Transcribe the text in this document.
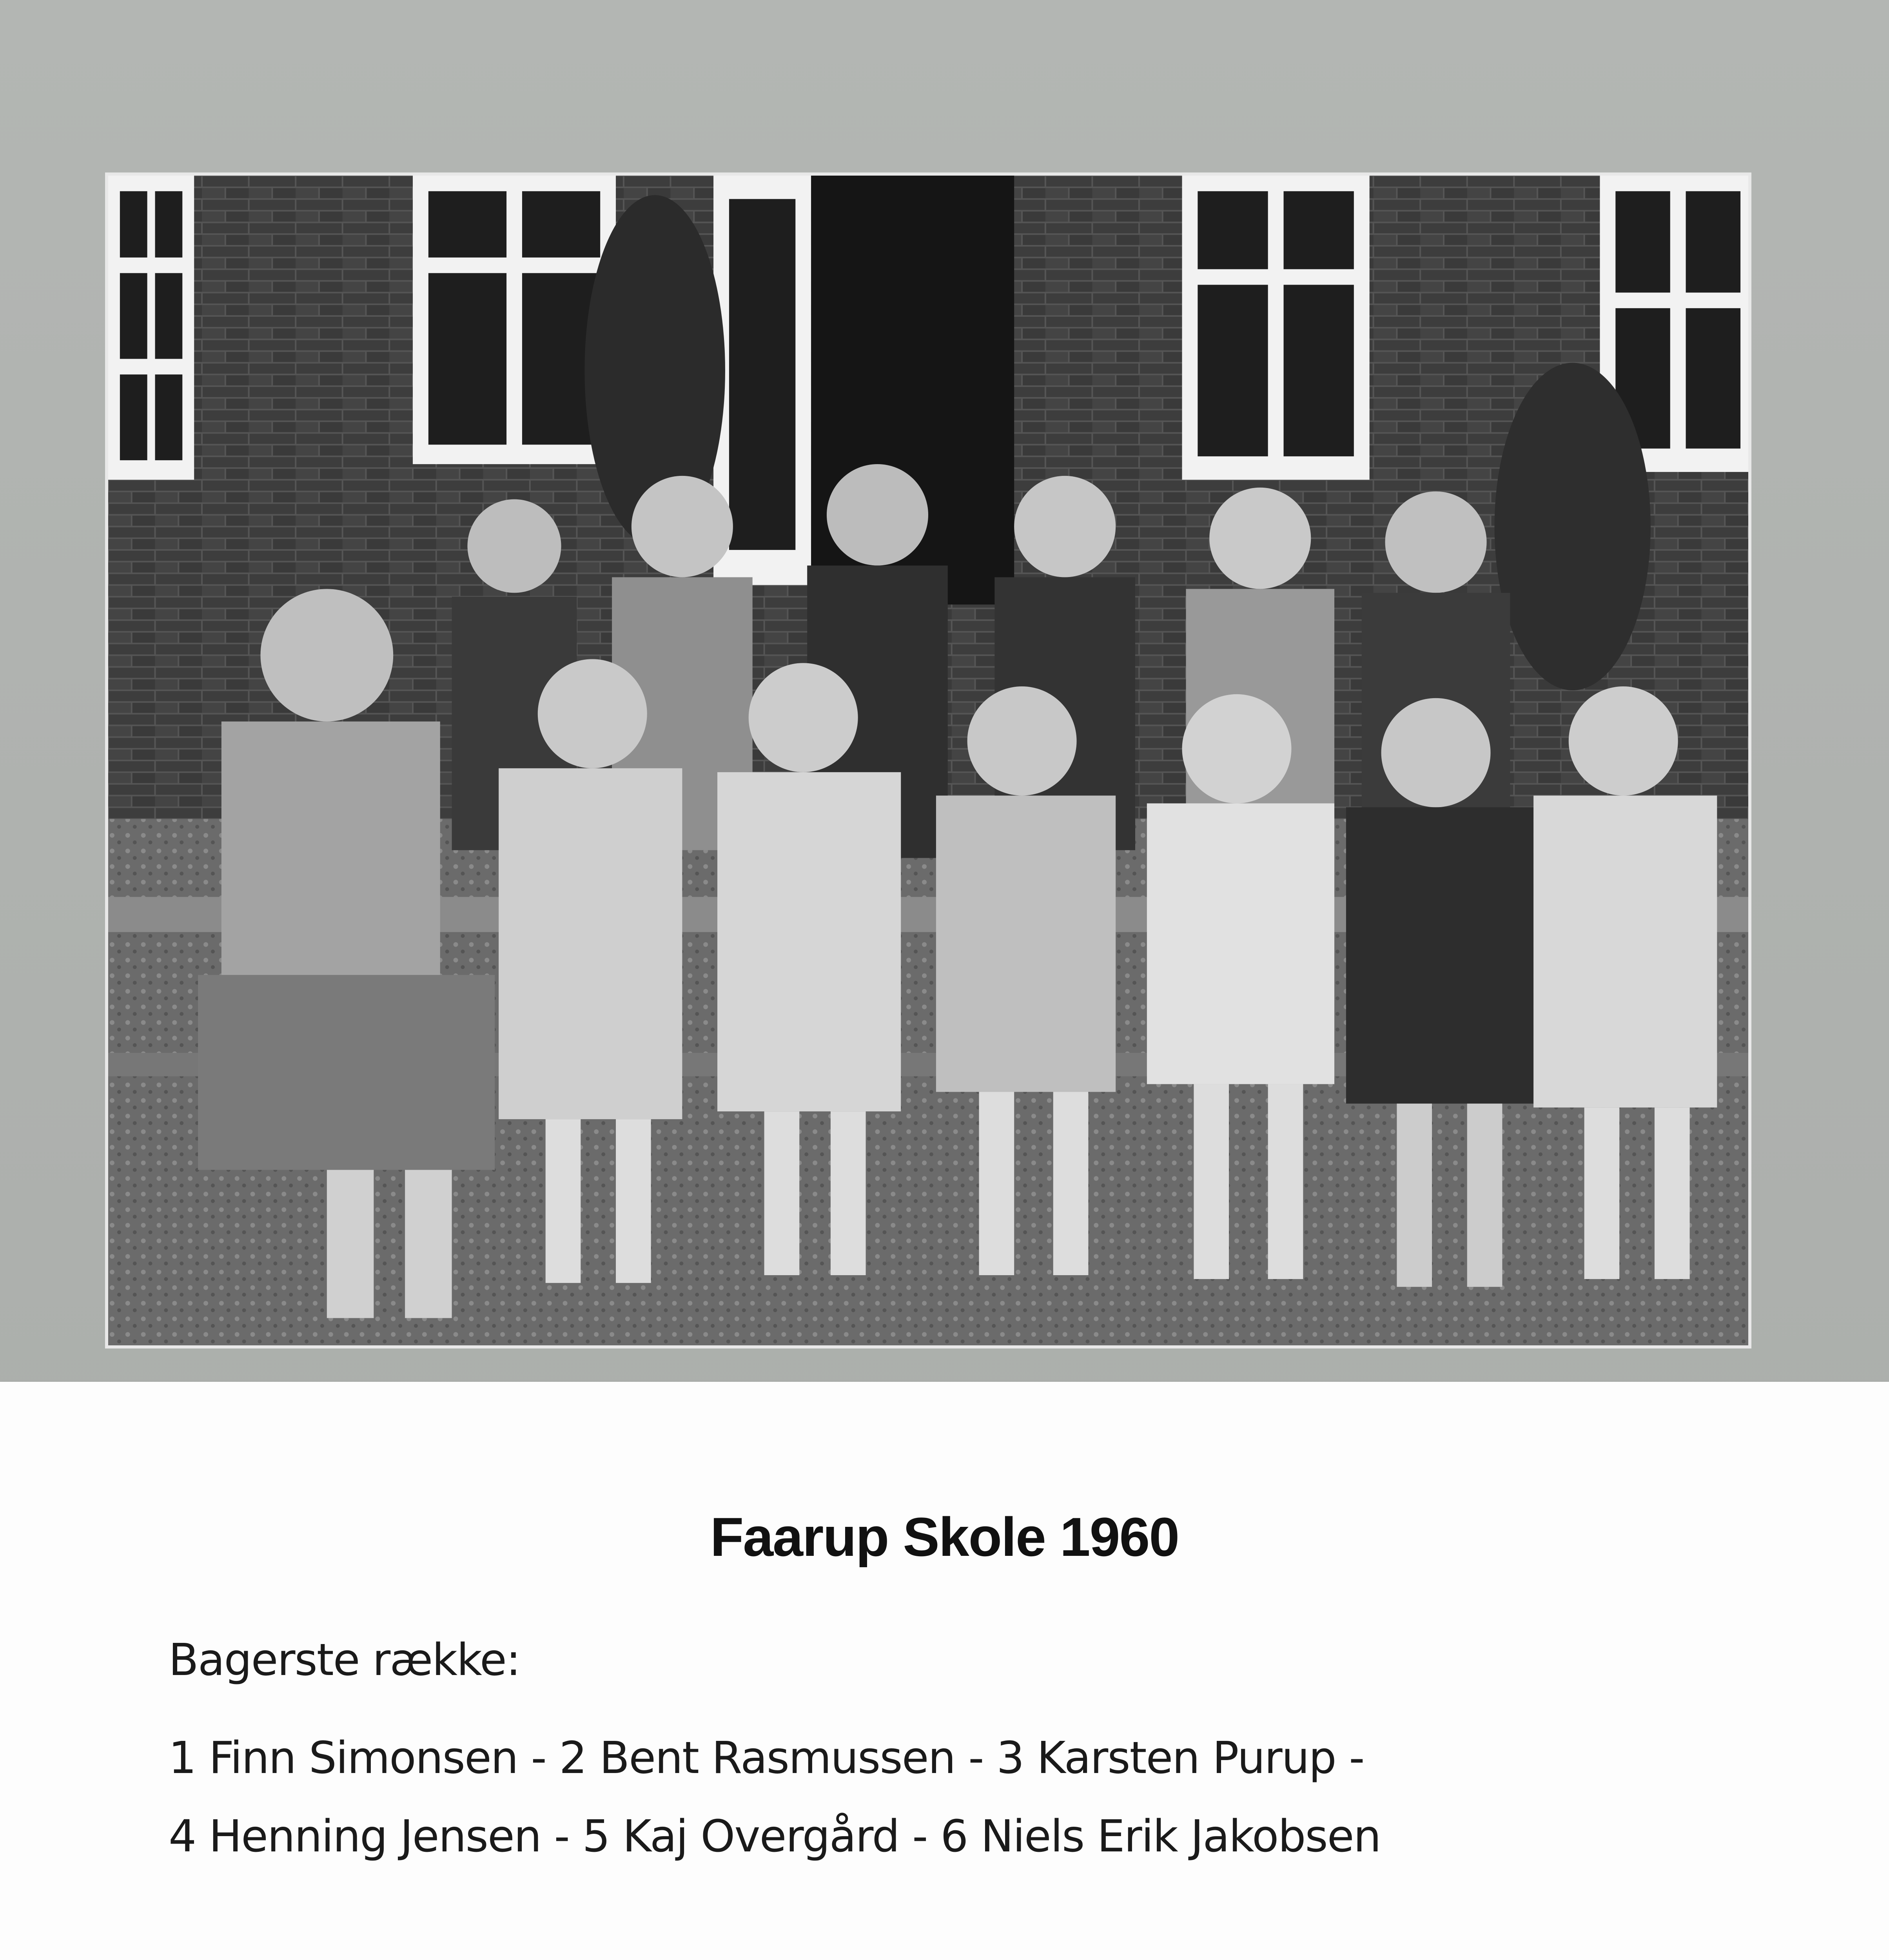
Faarup Skole 1960
Bagerste række:
1 Finn Simonsen - 2 Bent Rasmussen - 3 Karsten Purup -
4 Henning Jensen - 5 Kaj Overgård - 6 Niels Erik Jakobsen
